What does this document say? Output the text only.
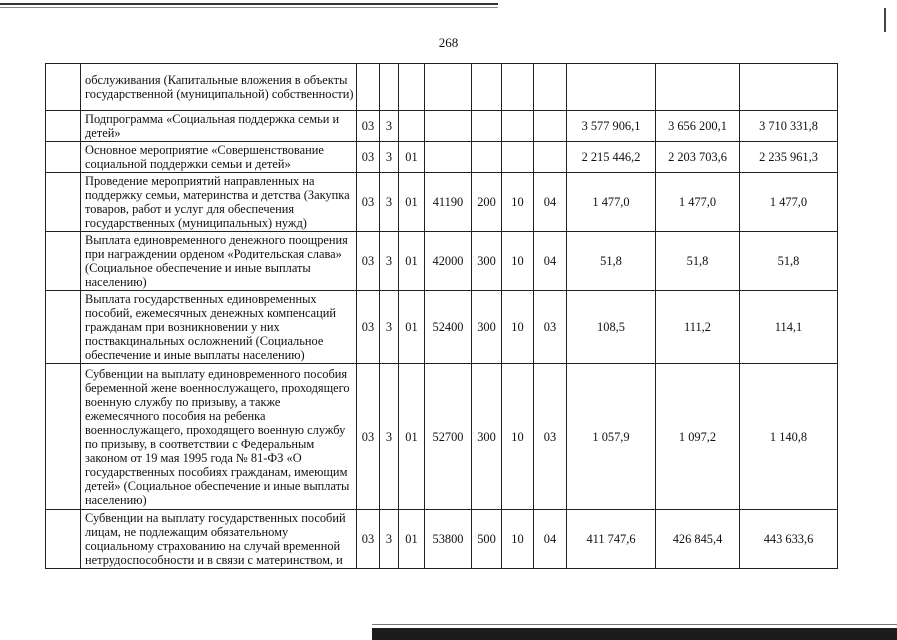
268
	обслуживания (Капитальные вложения в объекты государственной (муниципальной) собственности)										
	Подпрограмма «Социальная поддержка семьи и детей»	03	3						3 577 906,1	3 656 200,1	3 710 331,8
	Основное мероприятие «Совершенствование социальной поддержки семьи и детей»	03	3	01					2 215 446,2	2 203 703,6	2 235 961,3
	Проведение мероприятий направленных на поддержку семьи, материнства и детства (Закупка товаров, работ и услуг для обеспечения государственных (муниципальных) нужд)	03	3	01	41190	200	10	04	1 477,0	1 477,0	1 477,0
	Выплата единовременного денежного поощрения при награждении орденом «Родительская слава» (Социальное обеспечение и иные выплаты населению)	03	3	01	42000	300	10	04	51,8	51,8	51,8
	Выплата государственных единовременных пособий, ежемесячных денежных компенсаций гражданам при возникновении у них поствакцинальных осложнений (Социальное обеспечение и иные выплаты населению)	03	3	01	52400	300	10	03	108,5	111,2	114,1
	Субвенции на выплату единовременного пособия беременной жене военнослужащего, проходящего военную службу по призыву, а также ежемесячного пособия на ребенка военнослужащего, проходящего военную службу по призыву, в соответствии с Федеральным законом от 19 мая 1995 года № 81-ФЗ «О государственных пособиях гражданам, имеющим детей» (Социальное обеспечение и иные выплаты населению)	03	3	01	52700	300	10	03	1 057,9	1 097,2	1 140,8
	Субвенции на выплату государственных пособий лицам, не подлежащим обязательному социальному страхованию на случай временной нетрудоспособности и в связи с материнством, и	03	3	01	53800	500	10	04	411 747,6	426 845,4	443 633,6
